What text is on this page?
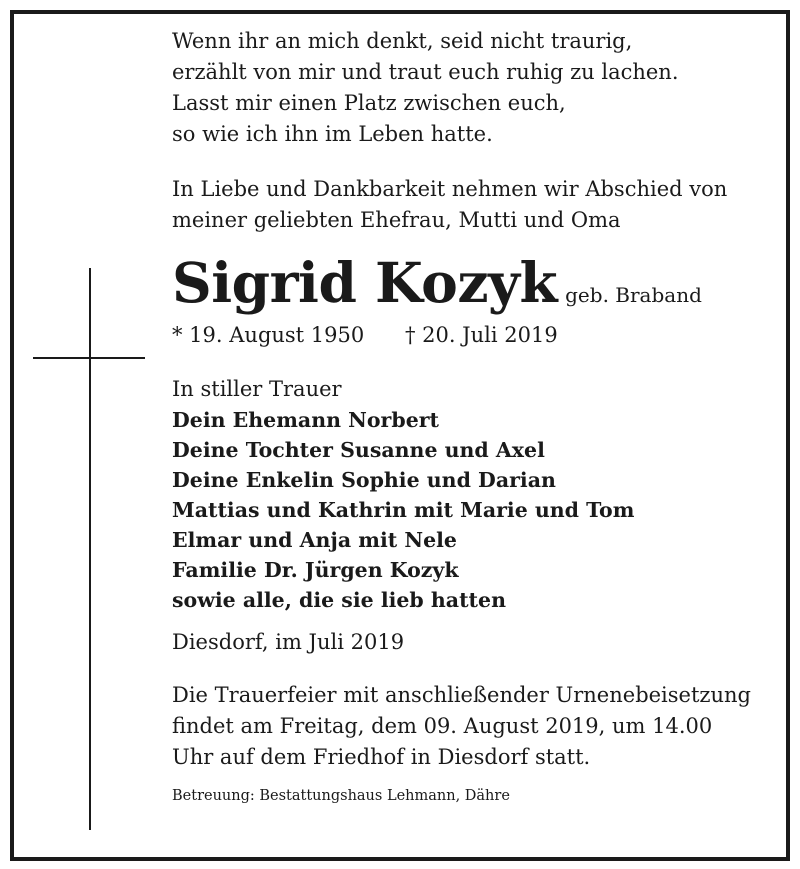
Wenn ihr an mich denkt, seid nicht traurig,
erzählt von mir und traut euch ruhig zu lachen.
Lasst mir einen Platz zwischen euch,
so wie ich ihn im Leben hatte.
In Liebe und Dankbarkeit nehmen wir Abschied von
meiner geliebten Ehefrau, Mutti und Oma
Sigrid Kozyk geb. Braband
* 19. August 1950 † 20. Juli 2019
In stiller Trauer
Dein Ehemann Norbert
Deine Tochter Susanne und Axel
Deine Enkelin Sophie und Darian
Mattias und Kathrin mit Marie und Tom
Elmar und Anja mit Nele
Familie Dr. Jürgen Kozyk
sowie alle, die sie lieb hatten
Diesdorf, im Juli 2019
Die Trauerfeier mit anschließender Urnenebeisetzung
findet am Freitag, dem 09. August 2019, um 14.00
Uhr auf dem Friedhof in Diesdorf statt.
Betreuung: Bestattungshaus Lehmann, Dähre
